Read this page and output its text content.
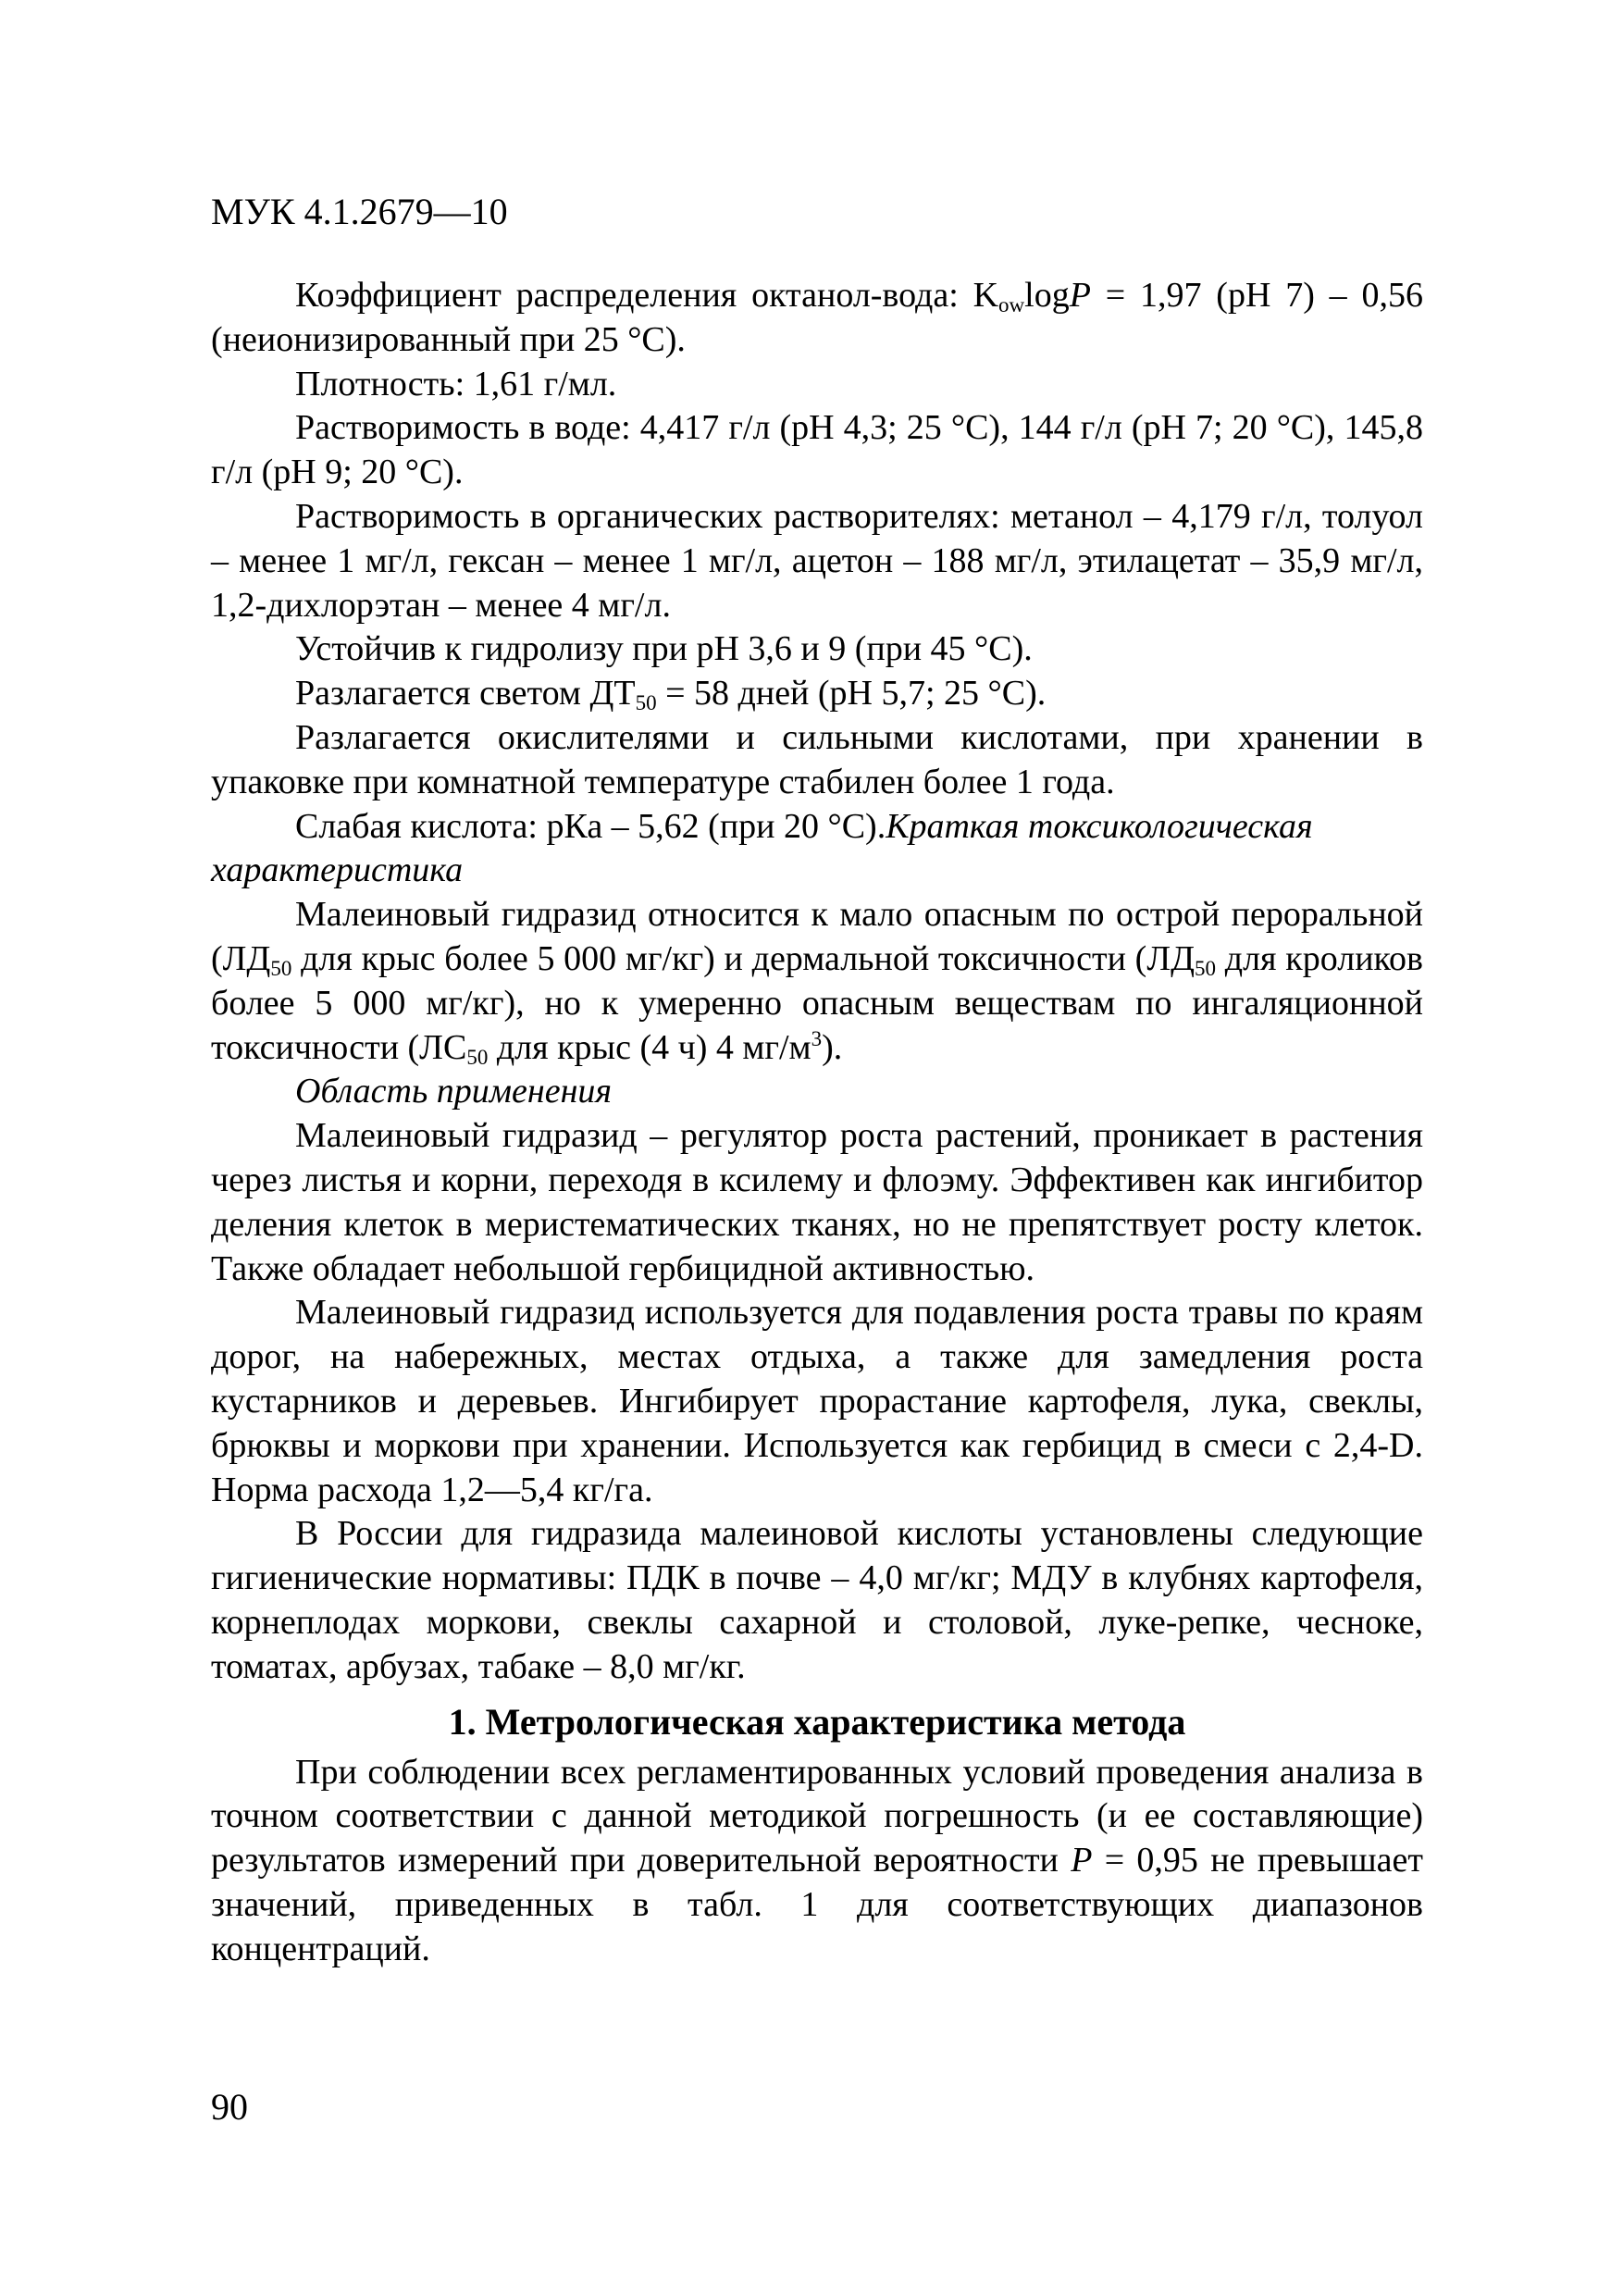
МУК 4.1.2679—10

Коэффициент распределения октанол-вода: $K_{ow}\log P = 1,97$ (рН 7) – 0,56 (неионизированный при 25 °С).

Плотность: 1,61 г/мл.

Растворимость в воде: 4,417 г/л (рН 4,3; 25 °С), 144 г/л (рН 7; 20 °С), 145,8 г/л (рН 9; 20 °С).

Растворимость в органических растворителях: метанол – 4,179 г/л, толуол – менее 1 мг/л, гексан – менее 1 мг/л, ацетон – 188 мг/л, этилацетат – 35,9 мг/л, 1,2-дихлорэтан – менее 4 мг/л.

Устойчив к гидролизу при рН 3,6 и 9 (при 45 °С).

Разлагается светом $ДТ_{50} = 58$ дней (рН 5,7; 25 °С).

Разлагается окислителями и сильными кислотами, при хранении в упаковке при комнатной температуре стабилен более 1 года.

Слабая кислота: рКа – 5,62 (при 20 °С).Краткая токсикологическая характеристика

Малеиновый гидразид относится к мало опасным по острой пероральной ($ЛД_{50}$ для крыс более 5 000 мг/кг) и дермальной токсичности ($ЛД_{50}$ для кроликов более 5 000 мг/кг), но к умеренно опасным веществам по ингаляционной токсичности ($ЛС_{50}$ для крыс (4 ч) 4 $мг/м^3$).

Область применения

Малеиновый гидразид – регулятор роста растений, проникает в растения через листья и корни, переходя в ксилему и флоэму. Эффективен как ингибитор деления клеток в меристематических тканях, но не препятствует росту клеток. Также обладает небольшой гербицидной активностью.

Малеиновый гидразид используется для подавления роста травы по краям дорог, на набережных, местах отдыха, а также для замедления роста кустарников и деревьев. Ингибирует прорастание картофеля, лука, свеклы, брюквы и моркови при хранении. Используется как гербицид в смеси с 2,4-D. Норма расхода 1,2—5,4 кг/га.

В России для гидразида малеиновой кислоты установлены следующие гигиенические нормативы: ПДК в почве – 4,0 мг/кг; МДУ в клубнях картофеля, корнеплодах моркови, свеклы сахарной и столовой, луке-репке, чесноке, томатах, арбузах, табаке – 8,0 мг/кг.

1. Метрологическая характеристика метода

При соблюдении всех регламентированных условий проведения анализа в точном соответствии с данной методикой погрешность (и ее составляющие) результатов измерений при доверительной вероятности P = 0,95 не превышает значений, приведенных в табл. 1 для соответствующих диапазонов концентраций.

90
